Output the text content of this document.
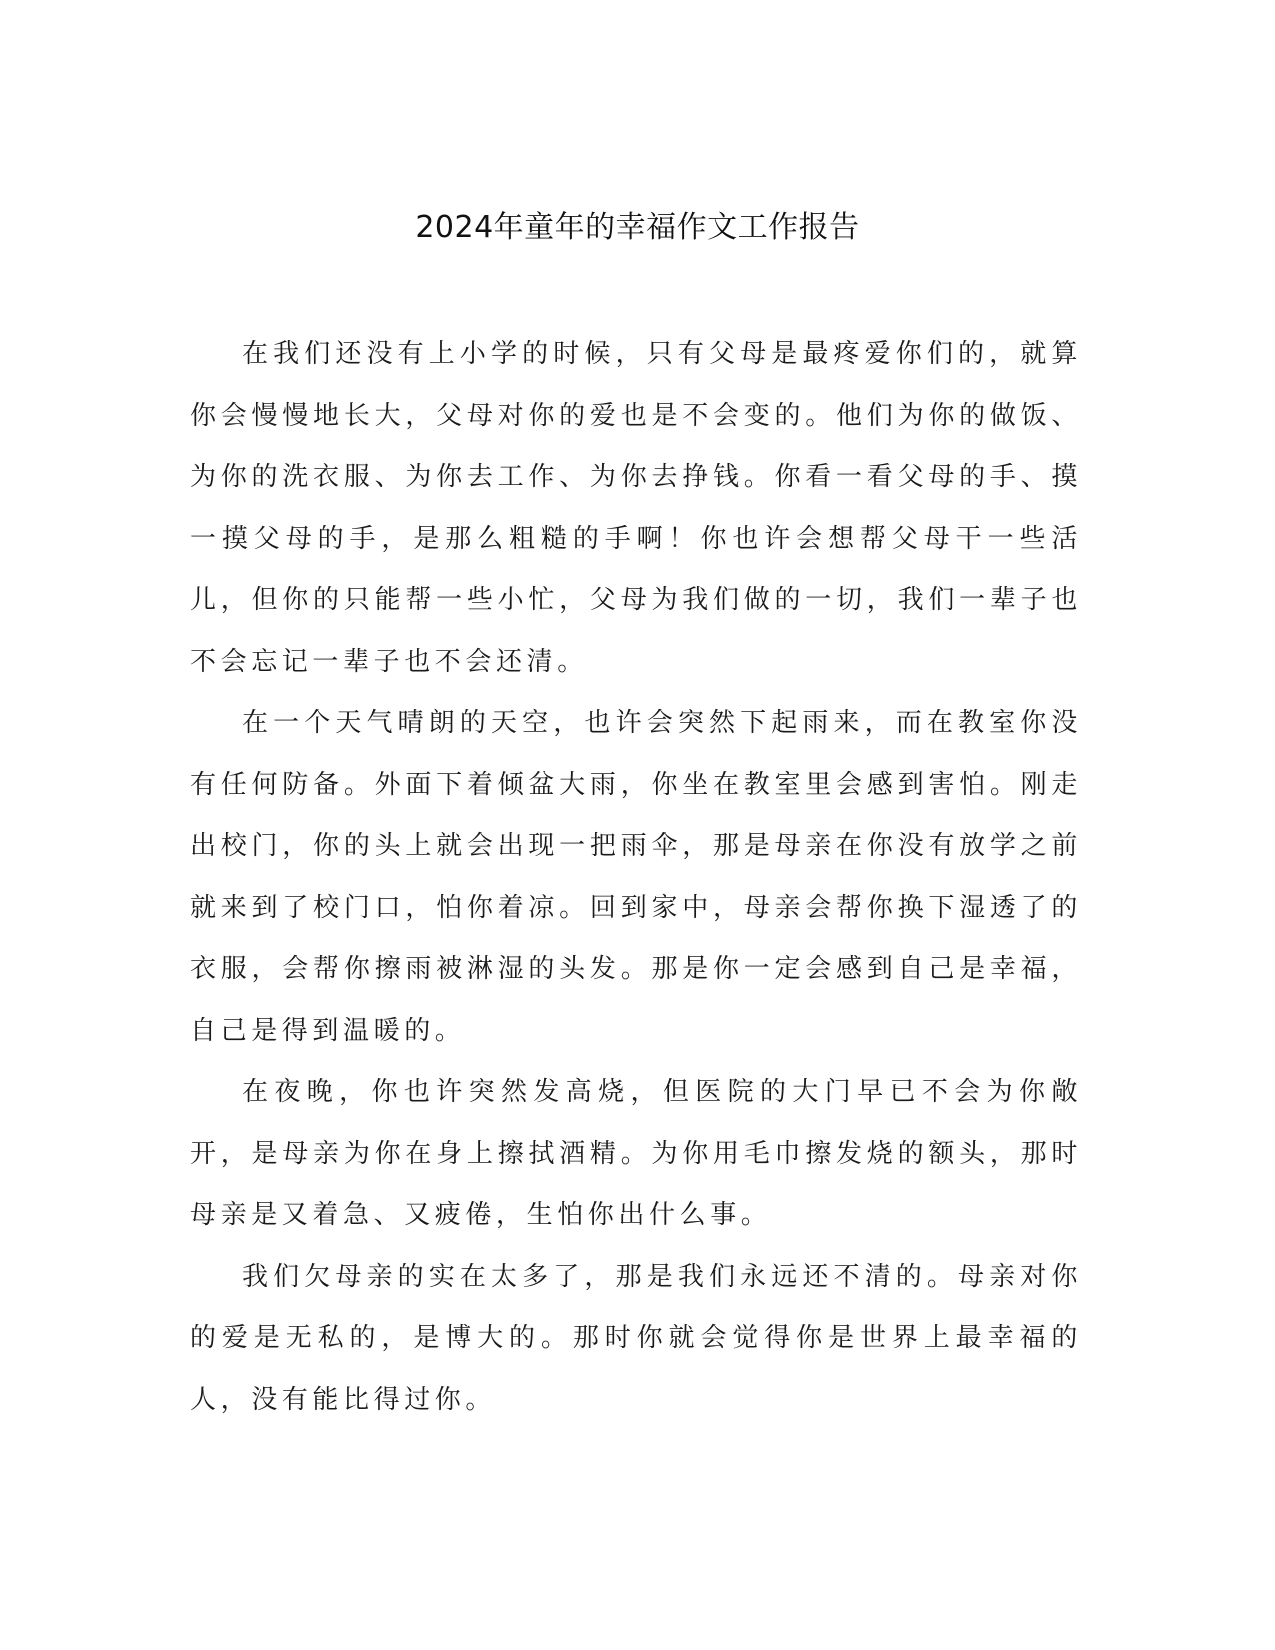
2024年童年的幸福作文工作报告

在我们还没有上小学的时候，只有父母是最疼爱你们的，就算你会慢慢地长大，父母对你的爱也是不会变的。他们为你的做饭、为你的洗衣服、为你去工作、为你去挣钱。你看一看父母的手、摸一摸父母的手，是那么粗糙的手啊！你也许会想帮父母干一些活儿，但你的只能帮一些小忙，父母为我们做的一切，我们一辈子也不会忘记一辈子也不会还清。

在一个天气晴朗的天空，也许会突然下起雨来，而在教室你没有任何防备。外面下着倾盆大雨，你坐在教室里会感到害怕。刚走出校门，你的头上就会出现一把雨伞，那是母亲在你没有放学之前就来到了校门口，怕你着凉。回到家中，母亲会帮你换下湿透了的衣服，会帮你擦雨被淋湿的头发。那是你一定会感到自己是幸福，自己是得到温暖的。

在夜晚，你也许突然发高烧，但医院的大门早已不会为你敞开，是母亲为你在身上擦拭酒精。为你用毛巾擦发烧的额头，那时母亲是又着急、又疲倦，生怕你出什么事。

我们欠母亲的实在太多了，那是我们永远还不清的。母亲对你的爱是无私的，是博大的。那时你就会觉得你是世界上最幸福的人，没有能比得过你。
